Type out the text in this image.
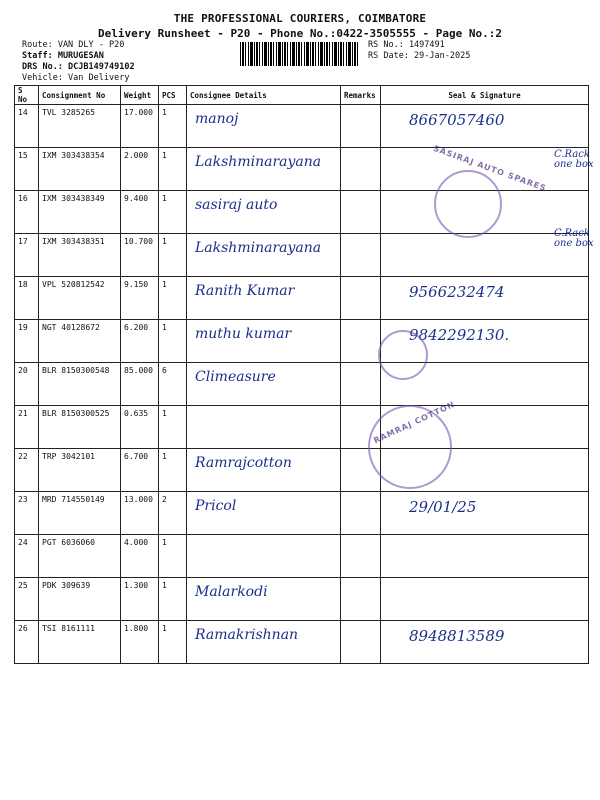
THE PROFESSIONAL COURIERS, COIMBATORE
Delivery Runsheet - P20 - Phone No.:0422-3505555 - Page No.:2
Route: VAN DLY - P20
Staff: MURUGESAN
DRS No.: DCJB149749102
Vehicle: Van Delivery
RS No.: 1497491
RS Date: 29-Jan-2025
S No	Consignment No	Weight	PCS	Consignee Details	Remarks	Seal & Signature
14	TVL 3285265	17.000	1	manoj		8667057460

15	IXM 303438354	2.000	1	Lakshminarayana		

16	IXM 303438349	9.400	1	sasiraj auto		

17	IXM 303438351	10.700	1	Lakshminarayana		

18	VPL 520812542	9.150	1	Ranith Kumar		9566232474

19	NGT 40128672	6.200	1	muthu kumar		9842292130.

20	BLR 8150300548	85.000	6	Climeasure		

21	BLR 8150300525	0.635	1	

22	TRP 3042101	6.700	1	Ramrajcotton		

23	MRD 714550149	13.000	2	Pricol		29/01/25

24	PGT 6036060	4.000	1	

25	PDK 309639	1.300	1	Malarkodi		

26	TSI 8161111	1.800	1	Ramakrishnan		8948813589
C.Rack one box
C.Rack one box
SASIRAJ AUTO SPARES
RAMRAJ COTTON
